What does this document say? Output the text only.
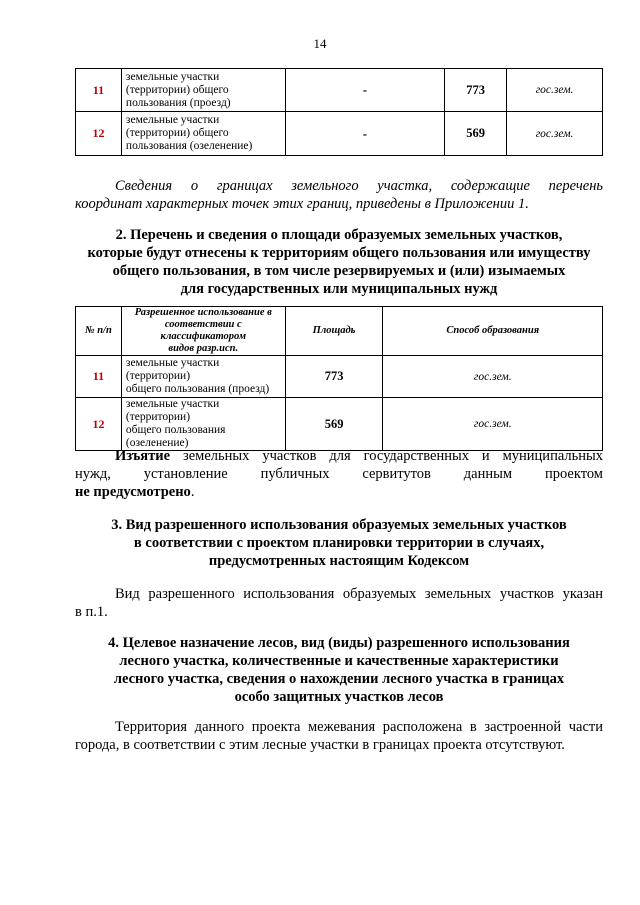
14
11	земельные участки
(территории) общего
пользования (проезд)	-	773	гос.зем.
12	земельные участки
(территории) общего
пользования (озеленение)	-	569	гос.зем.
Сведения о границах земельного участка, содержащие перечень
координат характерных точек этих границ, приведены в Приложении 1.
2. Перечень и сведения о площади образуемых земельных участков,
которые будут отнесены к территориям общего пользования или имуществу
общего пользования, в том числе резервируемых и (или) изымаемых
для государственных или муниципальных нужд
№ п/п	Разрешенное использование в
соответствии с классификатором
видов разр.исп.	Площадь	Способ образования
11	земельные участки (территории)
общего пользования (проезд)	773	гос.зем.
12	земельные участки (территории)
общего пользования (озеленение)	569	гос.зем.
Изъятие земельных участков для государственных и муниципальных
нужд, установление публичных сервитутов данным проектом
не предусмотрено.
3. Вид разрешенного использования образуемых земельных участков
в соответствии с проектом планировки территории в случаях,
предусмотренных настоящим Кодексом
Вид разрешенного использования образуемых земельных участков указан
в п.1.
4. Целевое назначение лесов, вид (виды) разрешенного использования
лесного участка, количественные и качественные характеристики
лесного участка, сведения о нахождении лесного участка в границах
особо защитных участков лесов
Территория данного проекта межевания расположена в застроенной части
города, в соответствии с этим лесные участки в границах проекта отсутствуют.
